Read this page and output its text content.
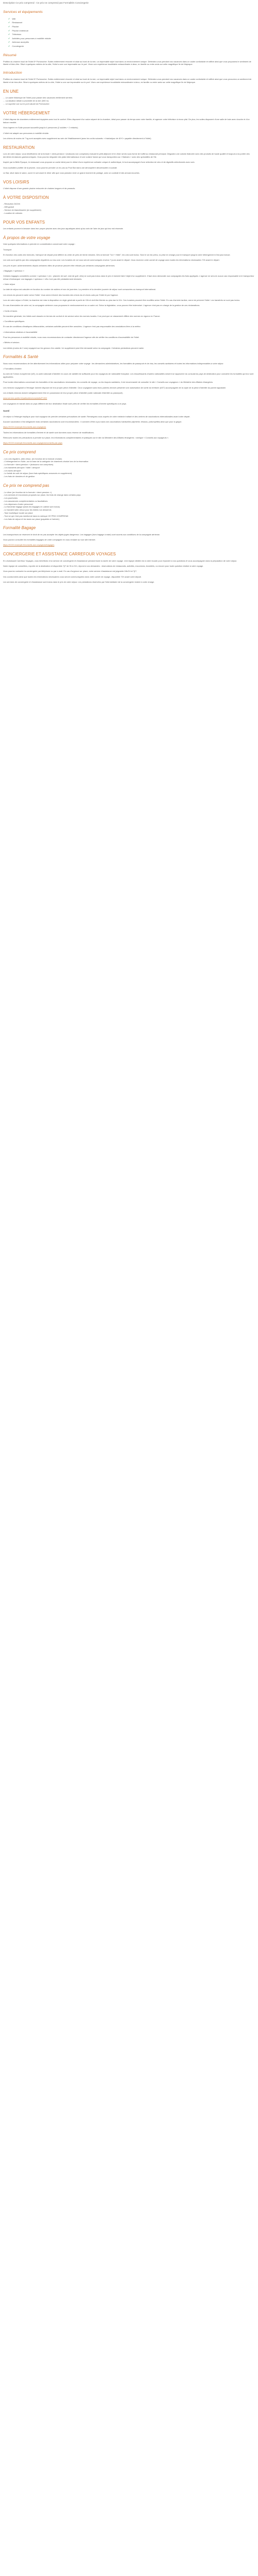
Description Ce prix comprend : Ce prix ne comprend pas Formalités Conciergerie

Services et équipements
✔ Wifi
✔ Restaurant
✔ Piscine
✔ Piscine extérieure
✔ Télévision
✔ Activités pour personnes à mobilité réduite
✔ Animaux acceptés
✔ Conciergerie
Résumé

Profitez du charme inouï de l'hôtel 5* Portorocher. Suites entièrement rénovée et situé au bord de la mer, un imprenable style haut dans un environnement unique. Détendez-vous pendant vos vacances dans un cadre confortable et raffiné ainsi que vous proposera le sentiment de liberté et bien-être. Situé à quelques mètres de la côte, l'hôtel a une vue imprenable sur le port. Vivez une expérience inoubliable extraordinaire à deux, en famille ou entre amis sur cette magnifique île de Majorque.

Introduction

Profitez du charme inouï de l'hôtel 5* Portorocher. Suites entièrement rénovée et situé au bord de la mer, un imprenable style haut dans un environnement unique. Détendez-vous pendant vos vacances dans un cadre confortable et raffiné ainsi que vous procurera un sentiment de liberté et de bien-être. Situé à quelques mètres de la côte, l'hôtel a une vue imprenable sur le port. Vivez une expérience inoubliable extraordinaire à deux, en famille ou entre amis sur cette magnifique île de Majorque.

EN UNE
- - Le cadre historique de l'hôtel pour passer des vacances réellement serrées
- - La situation idéale à proximité de la mer (300 m)
- - Le superbe vue sur le port naturel de Portorocher
VOTRE HÉBERGEMENT

L'hôtel dispose de chambres entièrement équipées avec tout le confort. Elles disposent d'un salon séparé de la chambre, idéal pour passer du temps avec votre famille, et agencer votre télévision à écran plat. De plus, les suites disposent d'une salle de bain avec douche et d'un balcon meublé.

Vous logerez en Suite pouvant accueillir jusqu'à 4 personnes (2 adultes + 2 enfants).

L'hôtel est adapté aux personnes à mobilité réduite.

Les chiens de moins de 7 kg sont acceptés avec supplément au sein de l'établissement (avec les coûts suivants: « frais/séjour de 40 € » payable directement à l'hôtel).

RESTAURATION

Lors de votre séjour, vous bénéficierez de la formule « demi-pension » (boissons non comprises) incluant le petit-déjeuner et le dîner servis sous forme de buffet au restaurant principal. Dégustez une cuisine élaborée avec des produits de haute qualité et toujours à la portée des dernières tendances gastronomiques. Vous pourrez déguster des plats internationaux et une cuisine fusion qui vous transportera au « Balearic » avec des spécialités de l'île.

Inspiré par la Belle Époque, le restaurant vous propose un cadre idéal pour le début d'une expérience culinaire unique et authentique, le tout accompagné d'une sélection de vins et de digestifs sélectionnés avec soin.

Vous souhaitez profiter de la piscine, vous pourrez prendre un en-cas au Pool Bar dans une atmosphère décontractée à souhait.

Le Bar, situé dans le salon, ouvre le soir avant le dîner afin que vous puissiez vivre un grand moment de partage, avec un cocktail et des amuse-bouches.

VOS LOISIRS

L'hôtel dispose d'une grande piscine entourée de chaises longues et de parasols.

À VOTRE DISPOSITION
- Réception 24/24h
- Wifi gratuit
- Service de blanchisserie (en supplément)
- Location de voitures
POUR VOS ENFANTS

Les enfants pourront s'amuser dans leur propre piscine avec des jeux aquatiques ainsi qu'au sein de l'aire de jeux qui leur est réservée.

À propos de votre voyage

Voici quelques informations à prendre en considération concernant votre voyage :

Transport

En fonction des coûts des formules, l'aéroport de départ peut différer du vôtre de prés de trente minutes. Dès la formule "Vol + Hôtel", les vols sont inclus. Seul le vol est prévu, la prise en charge pour le transport jusqu'à votre hébergement n'est pas incluse.

Les vols sont opérés par des compagnies régulières ou low-cost. Les horaires de vol vous seront communiqués environ 7 jours avant le départ. Vous recevrez votre carnet de voyage avec toutes les informations nécessaires 72h avant le départ.

Les prix et part. acheminements depuis certaines villes de province peuvent être refusés par certaines compagnies aériennes.

• Bagages « spéciaux »

Certains bagages considérés comme « spéciaux » (ex : planche de surf, club de golf, vélo) ne sont pas inclus dans le prix et doivent faire l'objet d'un supplément. Il faut donc demander aux compagnies les frais appliqués. L'agence ne sera en aucun cas responsable si le transporteur refuse d'embarquer vos bagages « spéciaux » s'ils n'ont pas été préalablement déclarés.

• Votre séjour

La date de séjour est calculée en fonction du nombre de nuitées et non de journées. La première et la dernière journée de séjour sont consacrées au transport international.

Les check-ins peuvent varier selon l'hôtel. Vous serez informé des horaires des check-ins et check-outs par l'hôtel et par l'agence.

Lors de votre séjour à l'hôtel, la chambre est mise à disposition en règle générale à partir de 15h et doit être libérée au plus tard à 11h. Ces horaires peuvent être modifiés selon l'hôtel. En cas d'arrivée tardive, merci de prévenir l'hôtel. Les transferts ne sont pas inclus.

En cas d'annulation de votre vol, la compagnie aérienne vous proposera le remboursement ou un autre vol. Selon la législation, vous pouvez être indemnisé. L'agence n'est pas en charge de la gestion de ces réclamations.

• Coûts et taxes

De manière générale, les hôtels sont classés en termes de confort et de service selon les normes locales. Il se peut que ce classement diffère des normes en vigueur en France.

• Conditions spécifiques

En cas de conditions climatiques défavorables, certaines activités peuvent être annulées. L'agence n'est pas responsable des annulations liées à la météo.

• Informations relatives à l'accessibilité

Pour les personnes à mobilité réduite, nous vous recommandons de contacter directement l'agence afin de vérifier les conditions d'accessibilité de l'hôtel.

• Bébés et séniors

Les bébés (moins de 2 ans) voyagent sur les genoux d'un adulte. Un supplément peut être demandé selon la compagnie. Certaines prestations peuvent varier.

Formalités & Santé

Nous vous recommandons de lire attentivement les informations utiles pour préparer votre voyage : les démarches administratives, les formalités de passeport et de visa, les conseils sanitaires et toutes les informations indispensables à votre séjour.

• Formalités d'entrée

Au sein de l'Union européenne (UE), la carte nationale d'identité en cours de validité est suffisante pour les voyageurs de nationalité française. Les ressortissants d'autres nationalités doivent se rapprocher du consulat du pays de destination pour connaître les formalités qui leur sont applicables.

Pour toutes informations concernant les formalités et les vaccinations nécessaires, les conseils de voyage, ou les risques sanitaires, il est recommandé de consulter le site « Conseils aux voyageurs » du Ministère des Affaires étrangères.

Les mineurs voyageant à l'étranger doivent disposer de leur propre pièce d'identité. Ceux voyageant sans leurs parents devront présenter une autorisation de sortie du territoire (AST) accompagnée de la copie de la pièce d'identité du parent signataire.

Les enfants mineurs doivent obligatoirement être en possession de leur propre pièce d'identité (carte nationale d'identité ou passeport).

www.service-public.fr/particuliers/vosdroits/F1922

Les voyageurs en transit dans un pays différent de leur destination finale sont priés de vérifier les formalités d'entrée spécifiques à ce pays.

Santé

Un séjour à l'étranger implique pour tout voyageur de prendre certaines précautions de santé. Renseignez-vous auprès de votre médecin traitant et des centres de vaccinations internationales avant votre départ.

Aucune vaccination n'est obligatoire mais certaines vaccinations sont recommandées : il convient d'être à jour dans ses vaccinations habituelles (diphtérie, tétanos, poliomyélite) ainsi que pour la grippe.

https://XXXX.example.fr/conseils-aux-voyageurs

Toutes les informations de formalités d'entrée et de santé sont données sous réserve de modifications.

Retrouvez toutes les précautions à prendre sur place, les informations complémentaires et pratiques sur le site du Ministère des Affaires étrangères : rubrique « Conseils aux voyageurs ».

https://XXXX.example.fr/conseils-aux-voyageurs/conseils-par-pays

Ce prix comprend
- Les vols réguliers, aller-retour, (en fonction de la formule choisie)
- L'hébergement en Suite, sur la base de la catégorie de chambres choisie lors de la réservation
- La formule « demi-pension » (boissons non comprises)
- Les transferts aéroport / hôtel / aéroport
- Les taxes aéroport
- Le forfait de coût de séjour (hors frais spécifiques annoncés en supplément)
- Les frais de dossiers et de gestion
Ce prix ne comprend pas
- Le dîner (en fonction de la formule « demi-pension »)
- Les services et excursions proposés sur place, les frais de change dans certains pays
- Les pourboires
- Les assurances complémentaires ou facultatives
- Les dépenses d'ordre personnel
- La franchise bagage (seuls les bagages en cabine sont inclus)
- Le transfert aller-retour pour les hôtels non desservis
- Taxe touristique locale sur place
- Tout ce qui n'est pas mentionné dans la rubrique CE PRIX COMPREND
- Les frais de séjour et les taxes sur place (payables à l'arrivée)
Formalité Bagage

Les transporteurs se réservent le droit de ne pas accepter les objets jugés dangereux. Les bagages (hors bagage à main) sont soumis aux conditions de la compagnie aérienne.

Vous pouvez consulter les formalités bagages de votre compagnie en vous rendant sur son site internet.

https://XXXX.example.fr/conseils-aux-voyageurs/bagages

CONCIERGERIE ET ASSISTANCE CARREFOUR VOYAGES

En choisissant Carrefour Voyages, vous bénéficiez d'un service de conciergerie et d'assistance pendant toute la durée de votre voyage. Une équipe dédiée est à votre écoute pour répondre à vos questions et vous accompagner dans la préparation de votre séjour.

Notre équipe de conseillers, experte de la destination et disponible 7j/7 de 9h à 21h, répond à vos demandes : réservations de restaurants, activités, excursions, transferts, ou encore pour toute question relative à votre voyage.

Vous pourrez contacter la conciergerie par téléphone ou par e-mail. En cas d'urgence sur place, notre service d'assistance est joignable 24h/24 et 7j/7.

Vos coordonnées ainsi que toutes les informations nécessaires vous seront communiquées dans votre carnet de voyage, disponible 72h avant votre départ.

Les services de conciergerie et d'assistance sont inclus dans le prix de votre séjour. Les prestations réservées par l'intermédiaire de la conciergerie restent à votre charge.
